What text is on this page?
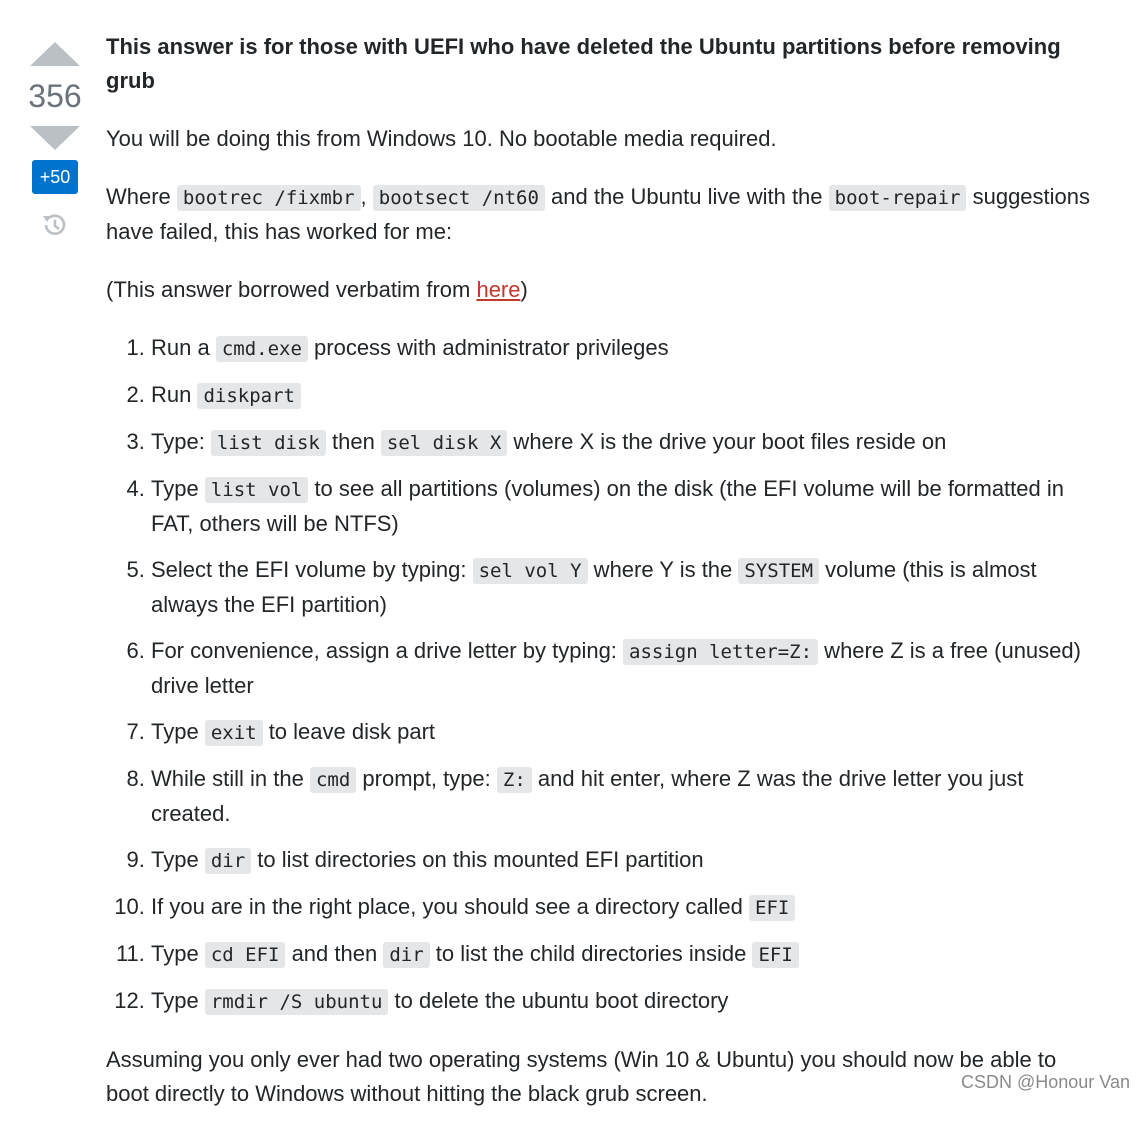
356
+50
This answer is for those with UEFI who have deleted the Ubuntu partitions before removing grub

You will be doing this from Windows 10. No bootable media required.

Where bootrec /fixmbr , bootsect /nt60 and the Ubuntu live with the boot-repair suggestions have failed, this has worked for me:

(This answer borrowed verbatim from here)

1. Run a cmd.exe process with administrator privileges
2. Run diskpart
3. Type: list disk then sel disk X where X is the drive your boot files reside on
4. Type list vol to see all partitions (volumes) on the disk (the EFI volume will be formatted in FAT, others will be NTFS)
5. Select the EFI volume by typing: sel vol Y where Y is the SYSTEM volume (this is almost always the EFI partition)
6. For convenience, assign a drive letter by typing: assign letter=Z: where Z is a free (unused) drive letter
7. Type exit to leave disk part
8. While still in the cmd prompt, type: Z: and hit enter, where Z was the drive letter you just created.
9. Type dir to list directories on this mounted EFI partition
10. If you are in the right place, you should see a directory called EFI
11. Type cd EFI and then dir to list the child directories inside EFI
12. Type rmdir /S ubuntu to delete the ubuntu boot directory

Assuming you only ever had two operating systems (Win 10 & Ubuntu) you should now be able to boot directly to Windows without hitting the black grub screen.	CSDN @Honour Van
